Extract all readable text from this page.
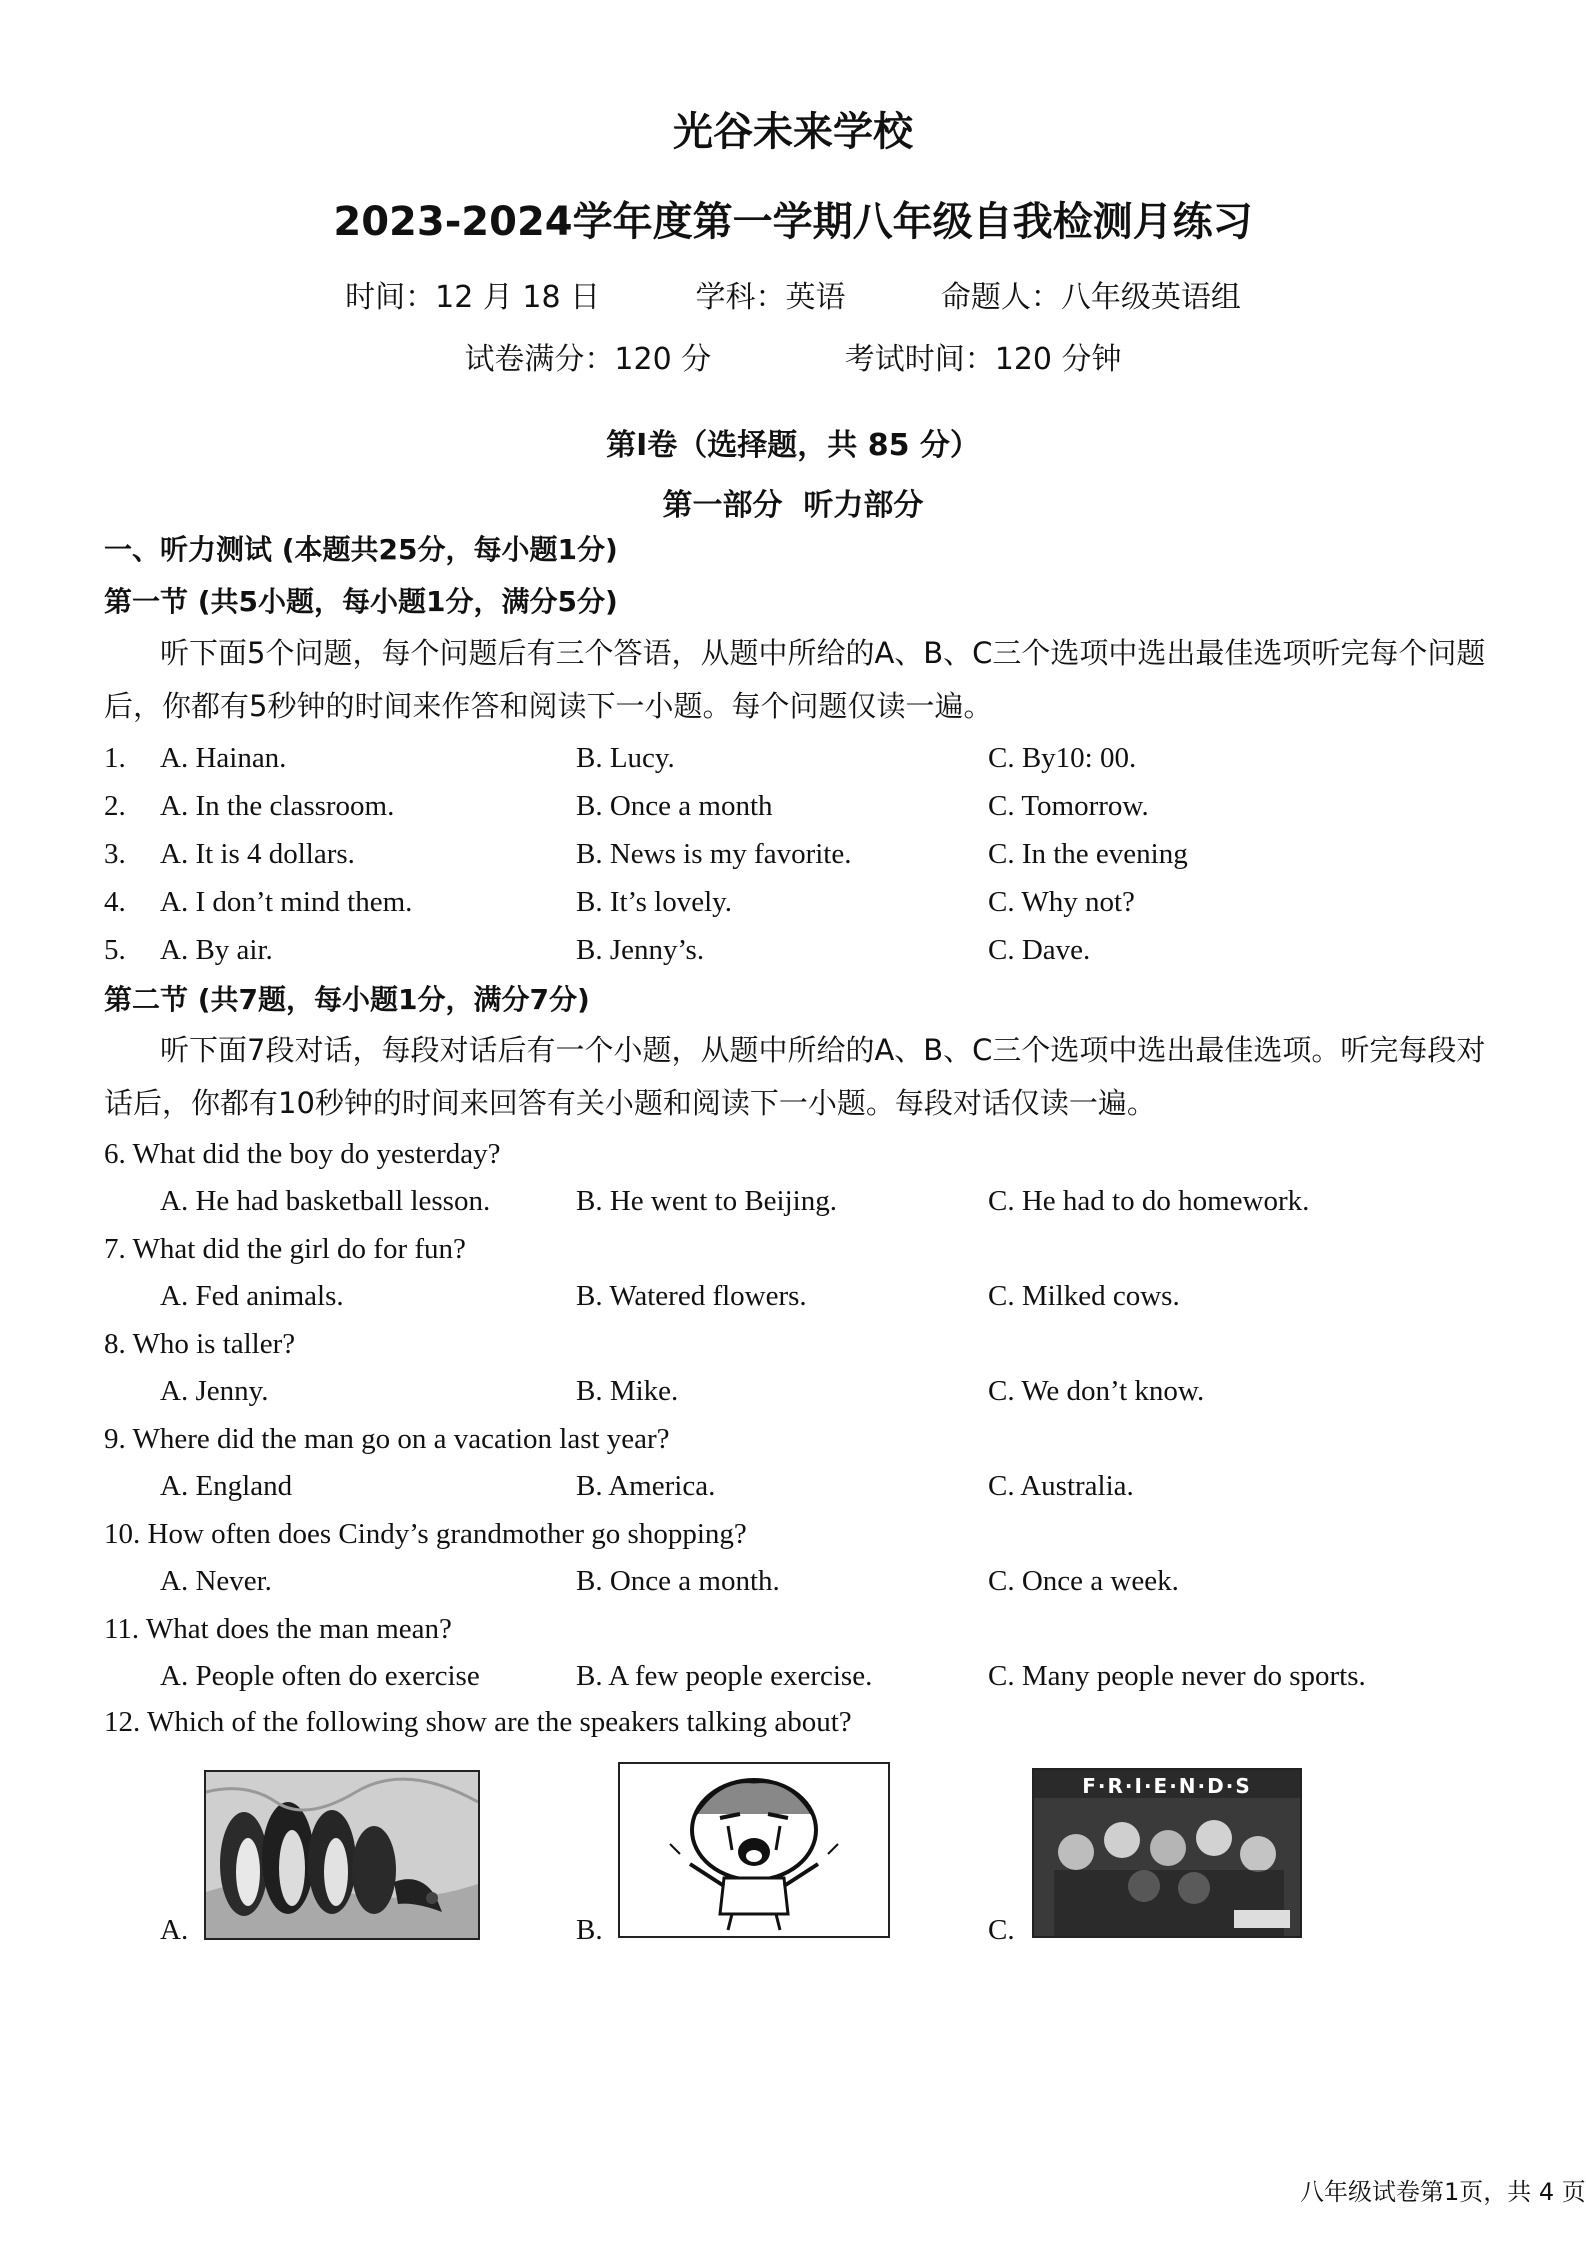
光谷未来学校
2023-2024学年度第一学期八年级自我检测月练习
时间：12 月 18 日          学科：英语          命题人：八年级英语组
试卷满分：120 分              考试时间：120 分钟
第Ⅰ卷（选择题，共 85 分）
第一部分  听力部分
一、听力测试 (本题共25分，每小题1分)
第一节 (共5小题，每小题1分，满分5分)
听下面5个问题，每个问题后有三个答语，从题中所给的A、B、C三个选项中选出最佳选项听完每个问题后，你都有5秒钟的时间来作答和阅读下一小题。每个问题仅读一遍。
1. A. Hainan.	B. Lucy.	C. By10: 00.
2. A. In the classroom.	B. Once a month	C. Tomorrow.
3. A. It is 4 dollars.	B. News is my favorite.	C. In the evening
4. A. I don’t mind them.	B. It’s lovely.	C. Why not?
5. A. By air.	B. Jenny’s.	C. Dave.
第二节 (共7题，每小题1分，满分7分)
听下面7段对话，每段对话后有一个小题，从题中所给的A、B、C三个选项中选出最佳选项。听完每段对话后，你都有10秒钟的时间来回答有关小题和阅读下一小题。每段对话仅读一遍。
6. What did the boy do yesterday?
A. He had basketball lesson.	B. He went to Beijing.	C. He had to do homework.
7. What did the girl do for fun?
A. Fed animals.	B. Watered flowers.	C. Milked cows.
8. Who is taller?
A. Jenny.	B. Mike.	C. We don’t know.
9. Where did the man go on a vacation last year?
A. England	B. America.	C. Australia.
10. How often does Cindy’s grandmother go shopping?
A. Never.	B. Once a month.	C. Once a week.
11. What does the man mean?
A. People often do exercise	B. A few people exercise.	C. Many people never do sports.
12. Which of the following show are the speakers talking about?
A.	B.	C.
F·R·I·E·N·D·S
八年级试卷第1页，共 4 页
